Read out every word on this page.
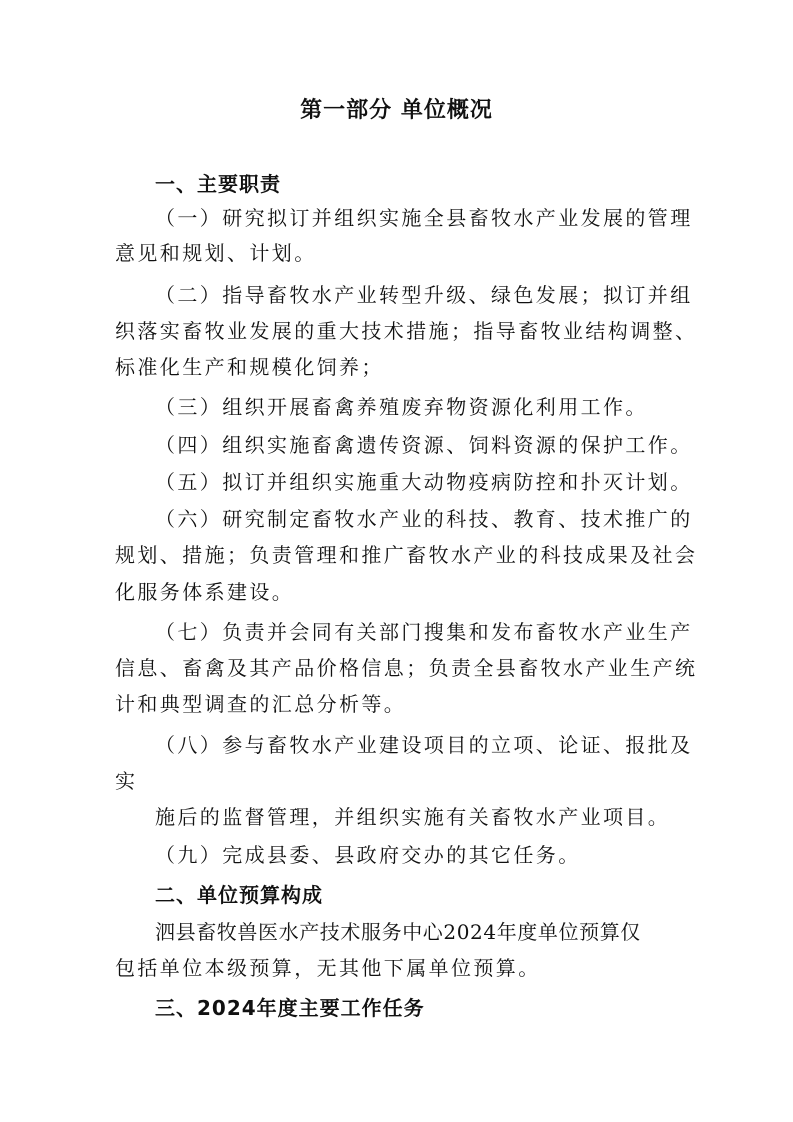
第一部分 单位概况
一、主要职责
（一）研究拟订并组织实施全县畜牧水产业发展的管理
意见和规划、计划。
（二）指导畜牧水产业转型升级、绿色发展；拟订并组
织落实畜牧业发展的重大技术措施；指导畜牧业结构调整、
标准化生产和规模化饲养；
（三）组织开展畜禽养殖废弃物资源化利用工作。
（四）组织实施畜禽遗传资源、饲料资源的保护工作。
（五）拟订并组织实施重大动物疫病防控和扑灭计划。
（六）研究制定畜牧水产业的科技、教育、技术推广的
规划、措施；负责管理和推广畜牧水产业的科技成果及社会
化服务体系建设。
（七）负责并会同有关部门搜集和发布畜牧水产业生产
信息、畜禽及其产品价格信息；负责全县畜牧水产业生产统
计和典型调查的汇总分析等。
（八）参与畜牧水产业建设项目的立项、论证、报批及
实
施后的监督管理，并组织实施有关畜牧水产业项目。
（九）完成县委、县政府交办的其它任务。
二、单位预算构成
泗县畜牧兽医水产技术服务中心2024年度单位预算仅
包括单位本级预算，无其他下属单位预算。
三、2024年度主要工作任务
